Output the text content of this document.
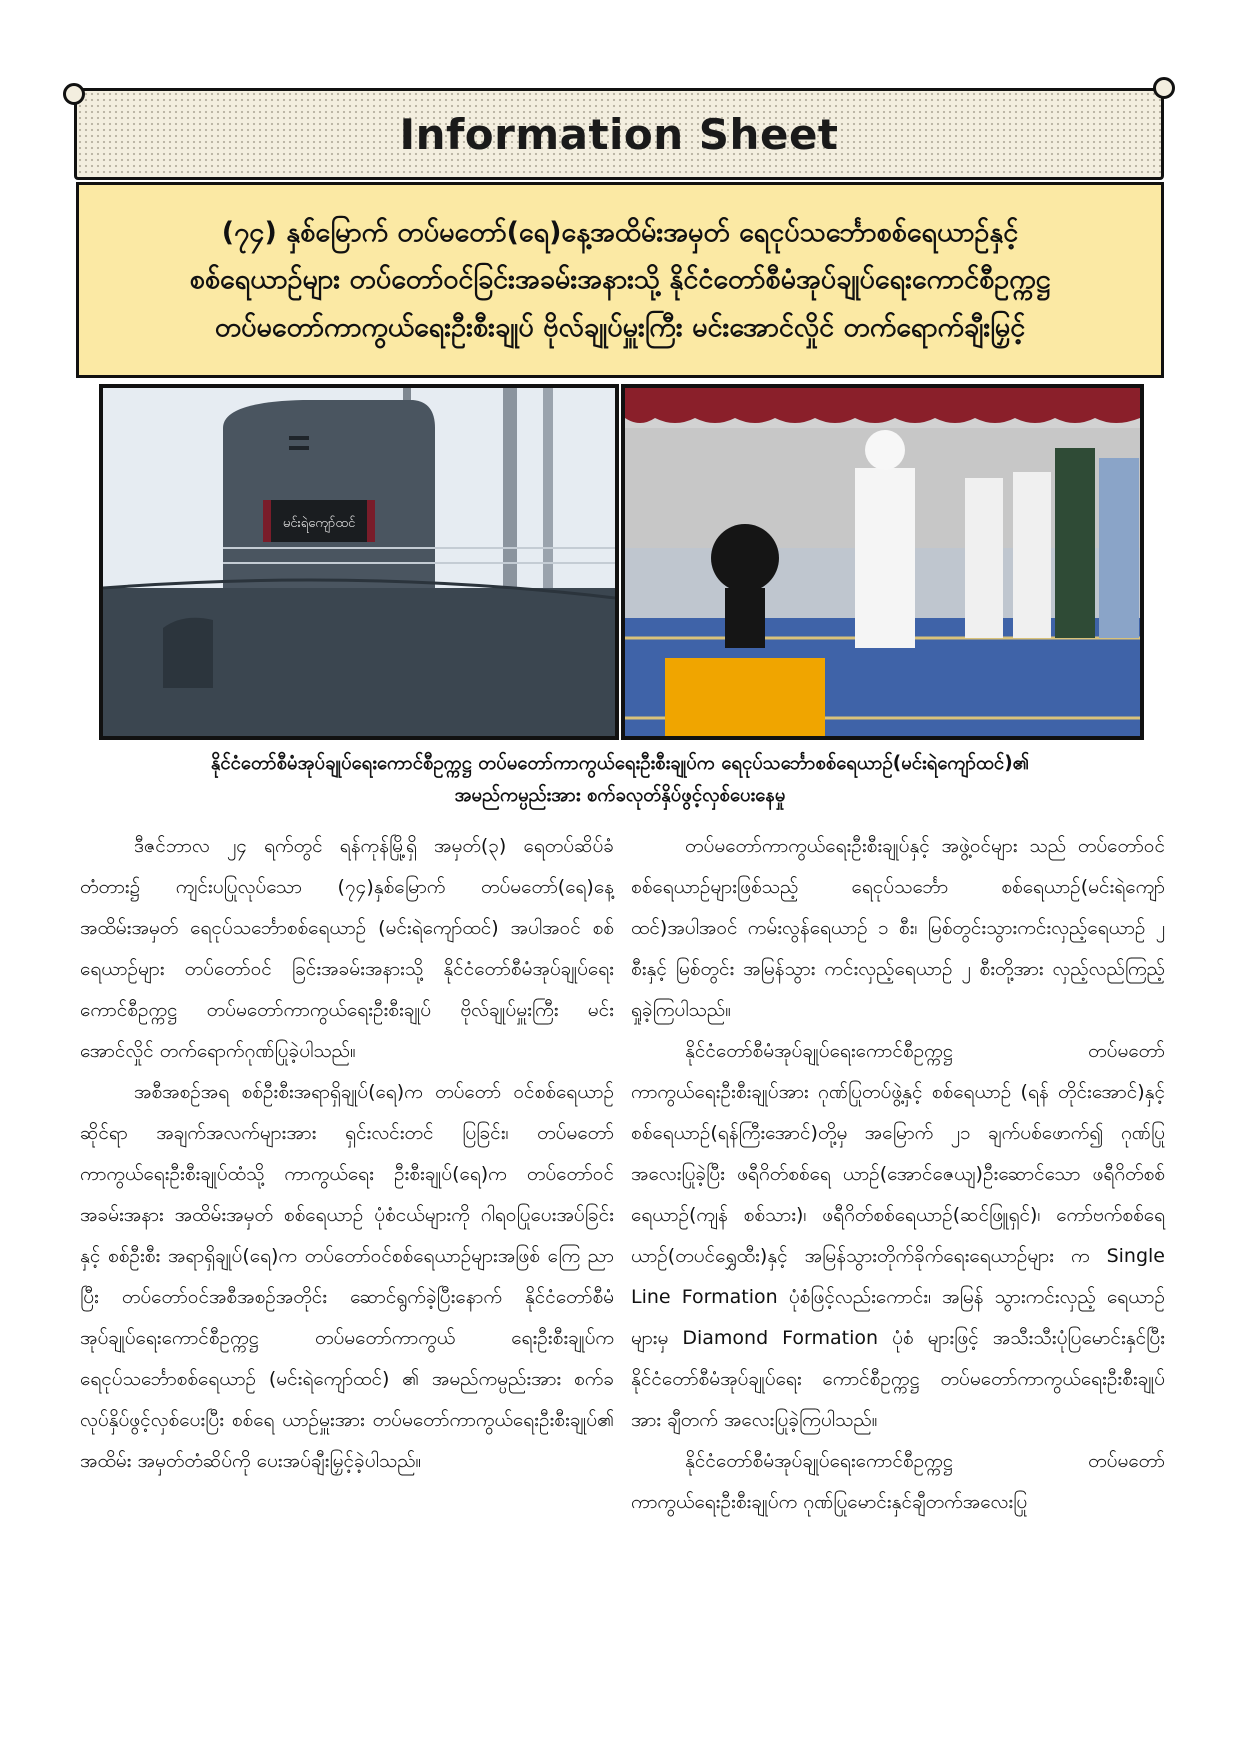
Information Sheet
(၇၄) နှစ်မြောက် တပ်မတော်(ရေ)နေ့အထိမ်းအမှတ် ရေငုပ်သင်္ဘောစစ်ရေယာဉ်နှင့်
စစ်ရေယာဉ်များ တပ်တော်ဝင်ခြင်းအခမ်းအနားသို့ နိုင်ငံတော်စီမံအုပ်ချုပ်ရေးကောင်စီဥက္ကဋ္ဌ
တပ်မတော်ကာကွယ်ရေးဦးစီးချုပ် ဗိုလ်ချုပ်မှူးကြီး မင်းအောင်လှိုင် တက်ရောက်ချီးမြှင့်
မင်းရဲကျော်ထင်
နိုင်ငံတော်စီမံအုပ်ချုပ်ရေးကောင်စီဥက္ကဋ္ဌ တပ်မတော်ကာကွယ်ရေးဦးစီးချုပ်က ရေငုပ်သင်္ဘောစစ်ရေယာဉ်(မင်းရဲကျော်ထင်)၏
အမည်ကမ္ပည်းအား စက်ခလုတ်နှိပ်ဖွင့်လှစ်ပေးနေမှု

ဒီဇင်ဘာလ ၂၄ ရက်တွင် ရန်ကုန်မြို့ရှိ အမှတ်(၃) ရေတပ်ဆိပ်ခံတံတား၌ ကျင်းပပြုလုပ်သော (၇၄)နှစ်မြောက် တပ်မတော်(ရေ)နေ့အထိမ်းအမှတ် ရေငုပ်သင်္ဘောစစ်ရေယာဉ် (မင်းရဲကျော်ထင်) အပါအဝင် စစ်ရေယာဉ်များ တပ်တော်ဝင် ခြင်းအခမ်းအနားသို့ နိုင်ငံတော်စီမံအုပ်ချုပ်ရေးကောင်စီဥက္ကဋ္ဌ တပ်မတော်ကာကွယ်ရေးဦးစီးချုပ် ဗိုလ်ချုပ်မှူးကြီး မင်းအောင်လှိုင် တက်ရောက်ဂုဏ်ပြုခဲ့ပါသည်။

အစီအစဉ်အရ စစ်ဦးစီးအရာရှိချုပ်(ရေ)က တပ်တော် ဝင်စစ်ရေယာဉ်ဆိုင်ရာ အချက်အလက်များအား ရှင်းလင်းတင် ပြခြင်း၊ တပ်မတော်ကာကွယ်ရေးဦးစီးချုပ်ထံသို့ ကာကွယ်ရေး ဦးစီးချုပ်(ရေ)က တပ်တော်ဝင်အခမ်းအနား အထိမ်းအမှတ် စစ်ရေယာဉ် ပုံစံငယ်များကို ဂါရဝပြုပေးအပ်ခြင်းနှင့် စစ်ဦးစီး အရာရှိချုပ်(ရေ)က တပ်တော်ဝင်စစ်ရေယာဉ်များအဖြစ် ကြေ ညာပြီး တပ်တော်ဝင်အစီအစဉ်အတိုင်း ဆောင်ရွက်ခဲ့ပြီးနောက် နိုင်ငံတော်စီမံအုပ်ချုပ်ရေးကောင်စီဥက္ကဋ္ဌ တပ်မတော်ကာကွယ် ရေးဦးစီးချုပ်က ရေငုပ်သင်္ဘောစစ်ရေယာဉ် (မင်းရဲကျော်ထင်) ၏ အမည်ကမ္ပည်းအား စက်ခလုပ်နှိပ်ဖွင့်လှစ်ပေးပြီး စစ်ရေ ယာဉ်မှူးအား တပ်မတော်ကာကွယ်ရေးဦးစီးချုပ်၏ အထိမ်း အမှတ်တံဆိပ်ကို ပေးအပ်ချီးမြှင့်ခဲ့ပါသည်။

တပ်မတော်ကာကွယ်ရေးဦးစီးချုပ်နှင့် အဖွဲ့ဝင်များ သည် တပ်တော်ဝင်စစ်ရေယာဉ်များဖြစ်သည့် ရေငုပ်သင်္ဘော စစ်ရေယာဉ်(မင်းရဲကျော်ထင်)အပါအဝင် ကမ်းလွန်ရေယာဉ် ၁ စီး၊ မြစ်တွင်းသွားကင်းလှည့်ရေယာဉ် ၂ စီးနှင့် မြစ်တွင်း အမြန်သွား ကင်းလှည့်ရေယာဉ် ၂ စီးတို့အား လှည့်လည်ကြည့် ရှုခဲ့ကြပါသည်။

နိုင်ငံတော်စီမံအုပ်ချုပ်ရေးကောင်စီဥက္ကဋ္ဌ တပ်မတော် ကာကွယ်ရေးဦးစီးချုပ်အား ဂုဏ်ပြုတပ်ဖွဲ့နှင့် စစ်ရေယာဉ် (ရန် တိုင်းအောင်)နှင့် စစ်ရေယာဉ်(ရန်ကြီးအောင်)တို့မှ အမြောက် ၂၁ ချက်ပစ်ဖောက်၍ ဂုဏ်ပြုအလေးပြုခဲ့ပြီး ဖရီဂိတ်စစ်ရေ ယာဉ်(အောင်ဇေယျ)ဦးဆောင်သော ဖရီဂိတ်စစ်ရေယာဉ်(ကျန် စစ်သား)၊ ဖရီဂိတ်စစ်ရေယာဉ်(ဆင်ဖြူရှင်)၊ ကော်ဗက်စစ်ရေ ယာဉ်(တပင်ရွှေထီး)နှင့် အမြန်သွားတိုက်ခိုက်ရေးရေယာဉ်များ က Single Line Formation ပုံစံဖြင့်လည်းကောင်း၊ အမြန် သွားကင်းလှည့် ရေယာဉ်များမှ Diamond Formation ပုံစံ များဖြင့် အသီးသီးပုံပြမောင်းနှင်ပြီး နိုင်ငံတော်စီမံအုပ်ချုပ်ရေး ကောင်စီဥက္ကဋ္ဌ တပ်မတော်ကာကွယ်ရေးဦးစီးချုပ်အား ချီတက် အလေးပြုခဲ့ကြပါသည်။

နိုင်ငံတော်စီမံအုပ်ချုပ်ရေးကောင်စီဥက္ကဋ္ဌ တပ်မတော် ကာကွယ်ရေးဦးစီးချုပ်က ဂုဏ်ပြုမောင်းနှင်ချီတက်အလေးပြု
